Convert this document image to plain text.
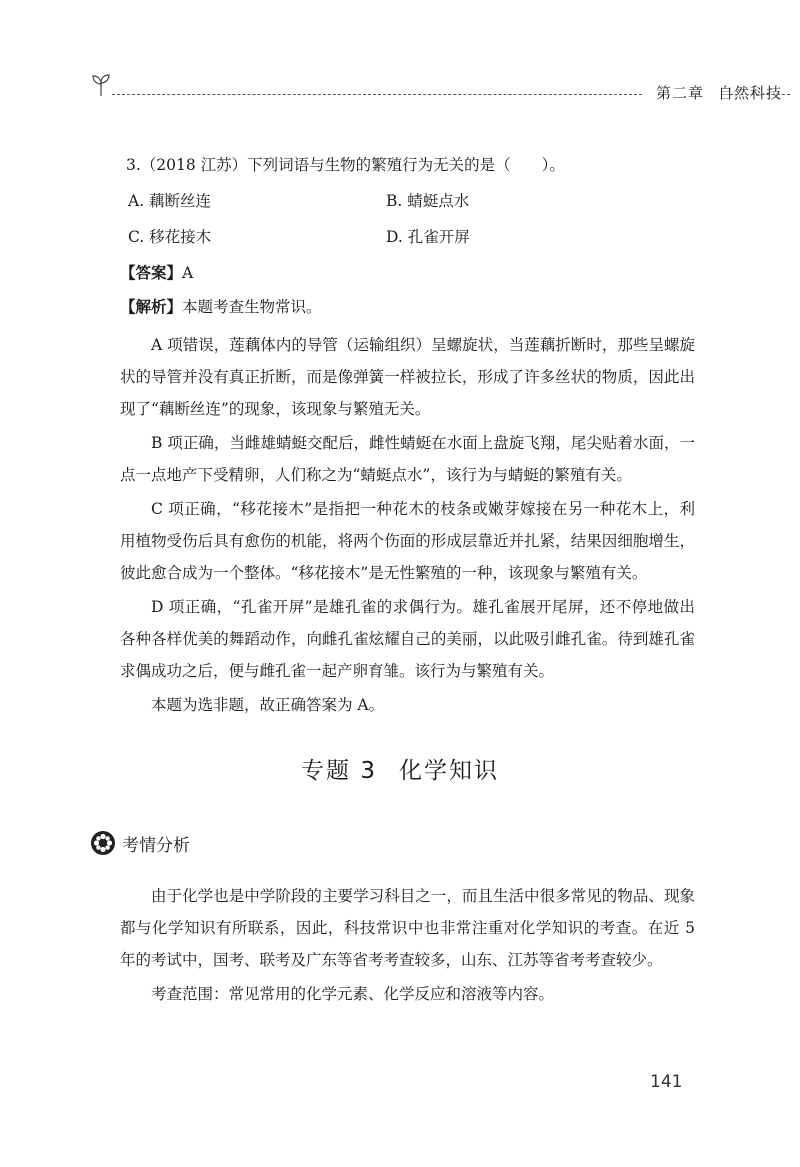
第二章 自然科技
3.（2018 江苏）下列词语与生物的繁殖行为无关的是（　　）。
A. 藕断丝连	B. 蜻蜓点水
C. 移花接木	D. 孔雀开屏
【答案】A
【解析】本题考查生物常识。

A 项错误，莲藕体内的导管（运输组织）呈螺旋状，当莲藕折断时，那些呈螺旋状的导管并没有真正折断，而是像弹簧一样被拉长，形成了许多丝状的物质，因此出现了“藕断丝连”的现象，该现象与繁殖无关。

B 项正确，当雌雄蜻蜓交配后，雌性蜻蜓在水面上盘旋飞翔，尾尖贴着水面，一点一点地产下受精卵，人们称之为“蜻蜓点水”，该行为与蜻蜓的繁殖有关。

C 项正确，“移花接木”是指把一种花木的枝条或嫩芽嫁接在另一种花木上，利用植物受伤后具有愈伤的机能，将两个伤面的形成层靠近并扎紧，结果因细胞增生，彼此愈合成为一个整体。“移花接木”是无性繁殖的一种，该现象与繁殖有关。

D 项正确，“孔雀开屏”是雄孔雀的求偶行为。雄孔雀展开尾屏，还不停地做出各种各样优美的舞蹈动作，向雌孔雀炫耀自己的美丽，以此吸引雌孔雀。待到雄孔雀求偶成功之后，便与雌孔雀一起产卵育雏。该行为与繁殖有关。

本题为选非题，故正确答案为 A。

专题 3 化学知识
考情分析

由于化学也是中学阶段的主要学习科目之一，而且生活中很多常见的物品、现象都与化学知识有所联系，因此，科技常识中也非常注重对化学知识的考查。在近 5 年的考试中，国考、联考及广东等省考考查较多，山东、江苏等省考考查较少。

考查范围：常见常用的化学元素、化学反应和溶液等内容。

141
